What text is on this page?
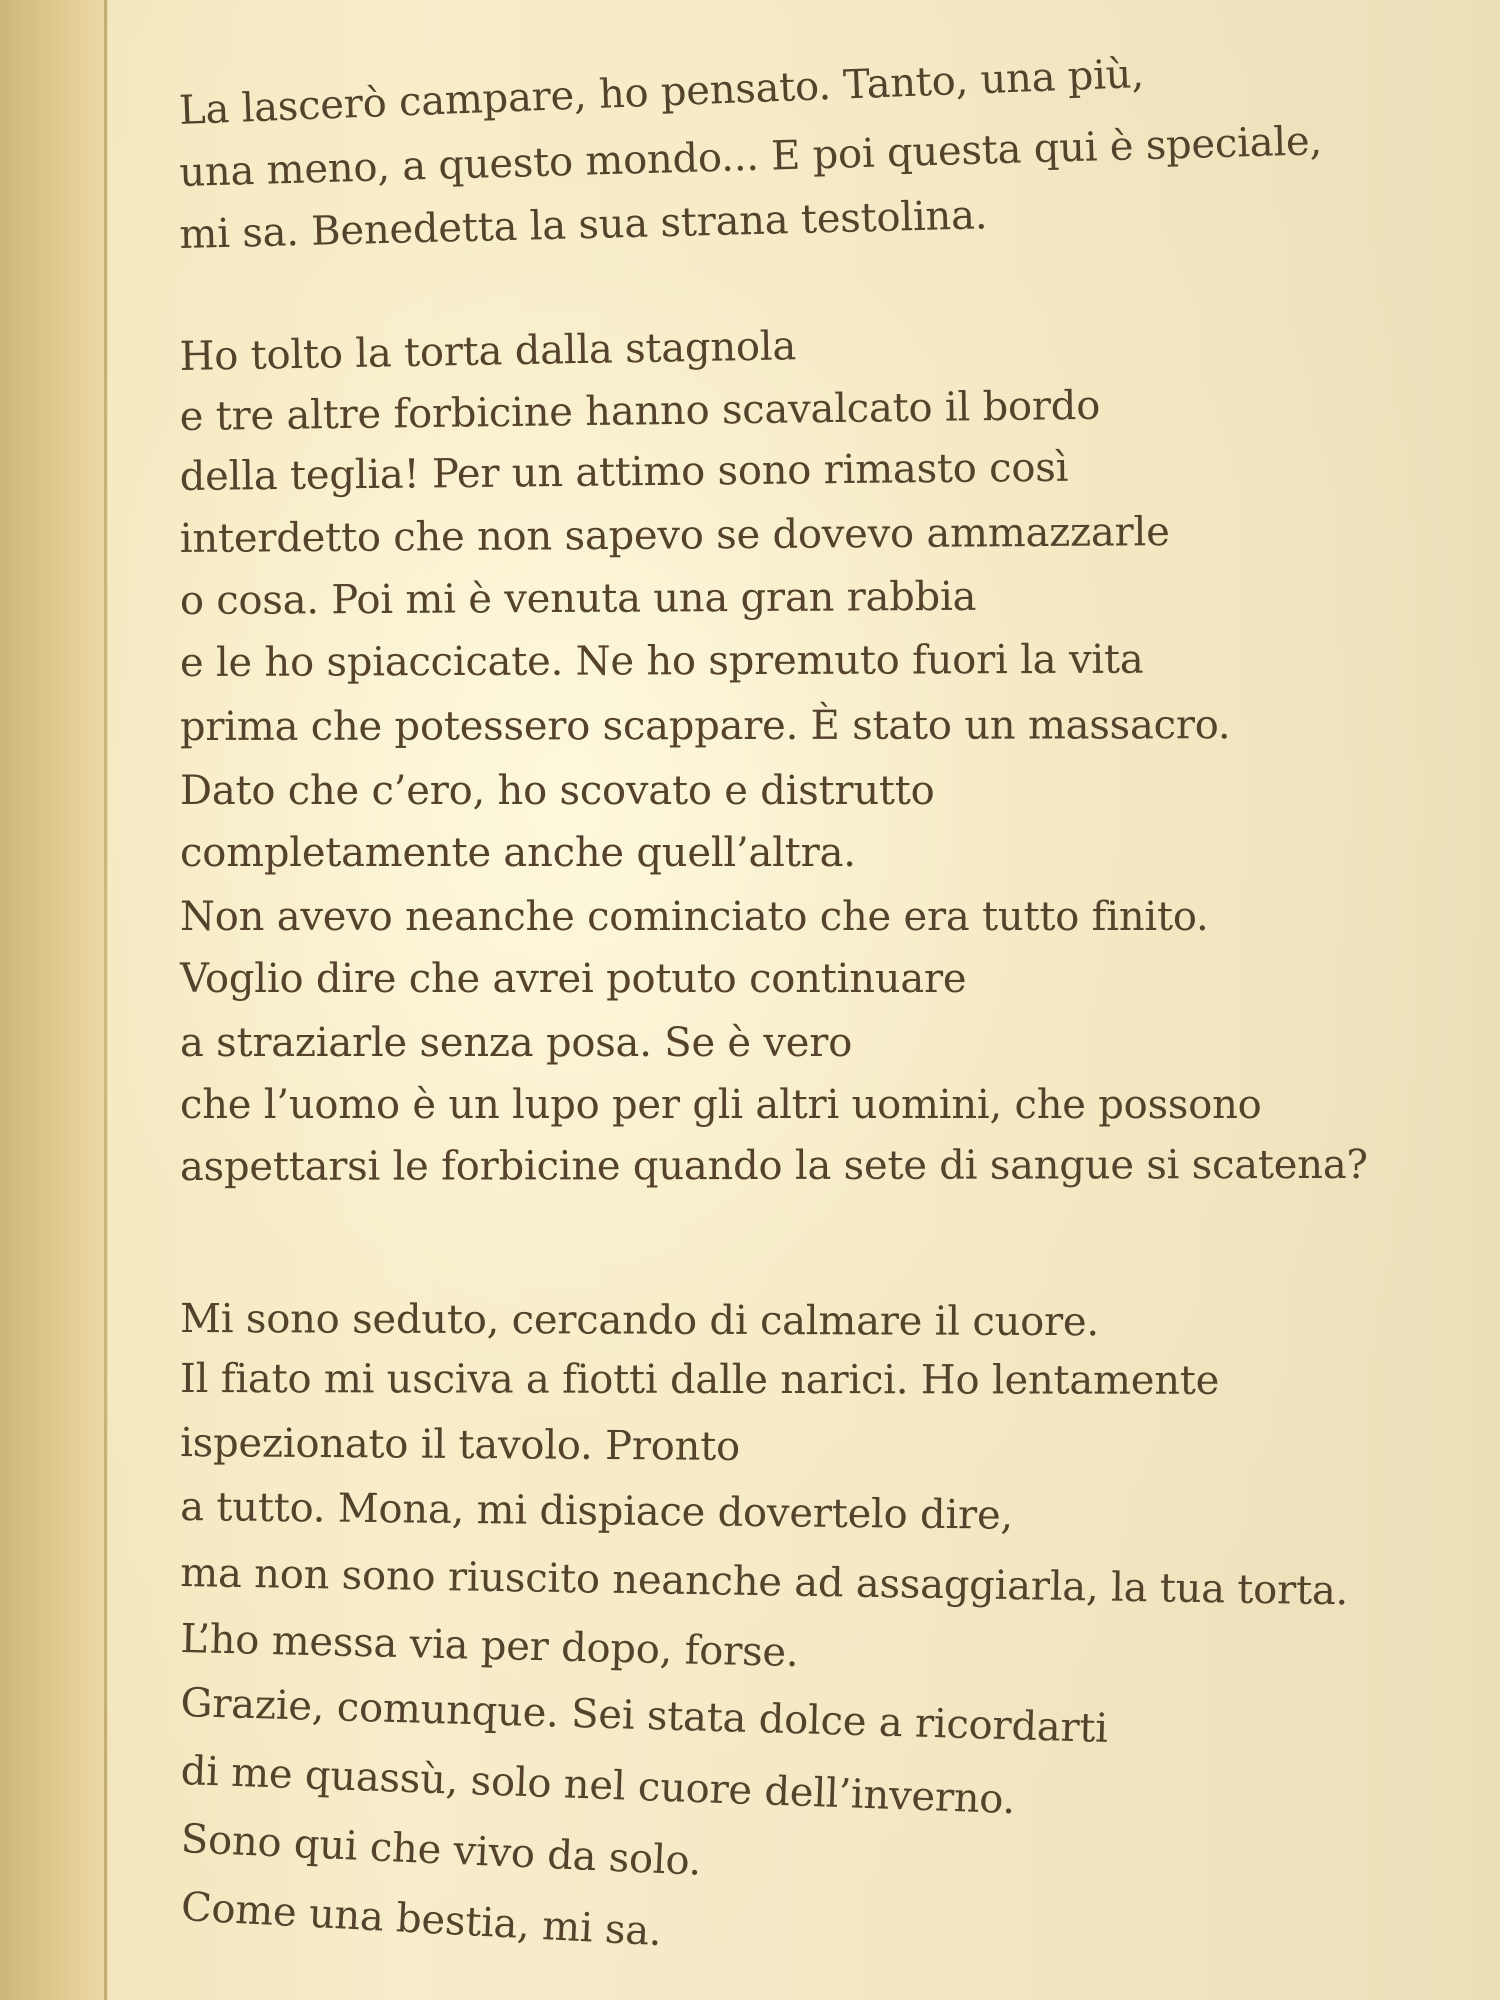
La lascerò campare, ho pensato. Tanto, una più,
una meno, a questo mondo... E poi questa qui è speciale,
mi sa. Benedetta la sua strana testolina.
Ho tolto la torta dalla stagnola
e tre altre forbicine hanno scavalcato il bordo
della teglia! Per un attimo sono rimasto così
interdetto che non sapevo se dovevo ammazzarle
o cosa. Poi mi è venuta una gran rabbia
e le ho spiaccicate. Ne ho spremuto fuori la vita
prima che potessero scappare. È stato un massacro.
Dato che c’ero, ho scovato e distrutto
completamente anche quell’altra.
Non avevo neanche cominciato che era tutto finito.
Voglio dire che avrei potuto continuare
a straziarle senza posa. Se è vero
che l’uomo è un lupo per gli altri uomini, che possono
aspettarsi le forbicine quando la sete di sangue si scatena?
Mi sono seduto, cercando di calmare il cuore.
Il fiato mi usciva a fiotti dalle narici. Ho lentamente
ispezionato il tavolo. Pronto
a tutto. Mona, mi dispiace dovertelo dire,
ma non sono riuscito neanche ad assaggiarla, la tua torta.
L’ho messa via per dopo, forse.
Grazie, comunque. Sei stata dolce a ricordarti
di me quassù, solo nel cuore dell’inverno.
Sono qui che vivo da solo.
Come una bestia, mi sa.
